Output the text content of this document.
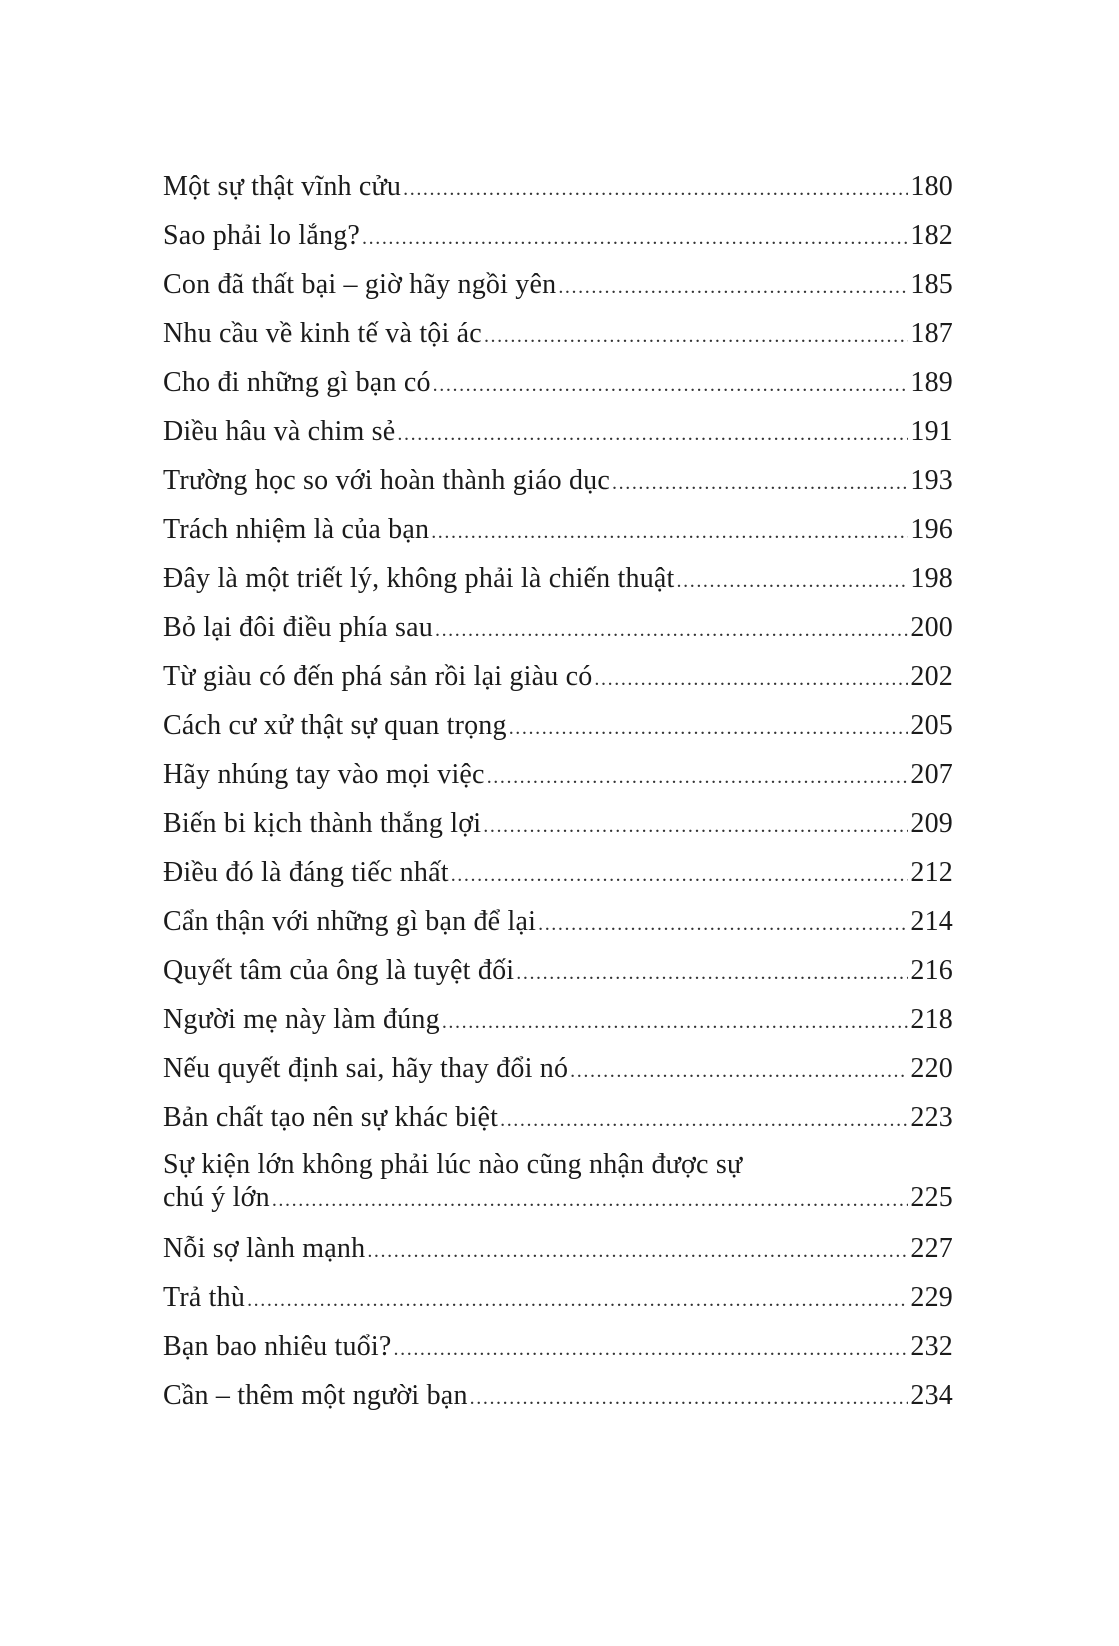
Một sự thật vĩnh cửu .....	180
Sao phải lo lắng? .....	182
Con đã thất bại – giờ hãy ngồi yên .....	185
Nhu cầu về kinh tế và tội ác .....	187
Cho đi những gì bạn có .....	189
Diều hâu và chim sẻ .....	191
Trường học so với hoàn thành giáo dục .....	193
Trách nhiệm là của bạn .....	196
Đây là một triết lý, không phải là chiến thuật .....	198
Bỏ lại đôi điều phía sau .....	200
Từ giàu có đến phá sản rồi lại giàu có .....	202
Cách cư xử thật sự quan trọng .....	205
Hãy nhúng tay vào mọi việc .....	207
Biến bi kịch thành thắng lợi .....	209
Điều đó là đáng tiếc nhất .....	212
Cẩn thận với những gì bạn để lại .....	214
Quyết tâm của ông là tuyệt đối .....	216
Người mẹ này làm đúng .....	218
Nếu quyết định sai, hãy thay đổi nó .....	220
Bản chất tạo nên sự khác biệt .....	223
Sự kiện lớn không phải lúc nào cũng nhận được sự
chú ý lớn .....	225
Nỗi sợ lành mạnh .....	227
Trả thù .....	229
Bạn bao nhiêu tuổi? .....	232
Cần – thêm một người bạn .....	234
